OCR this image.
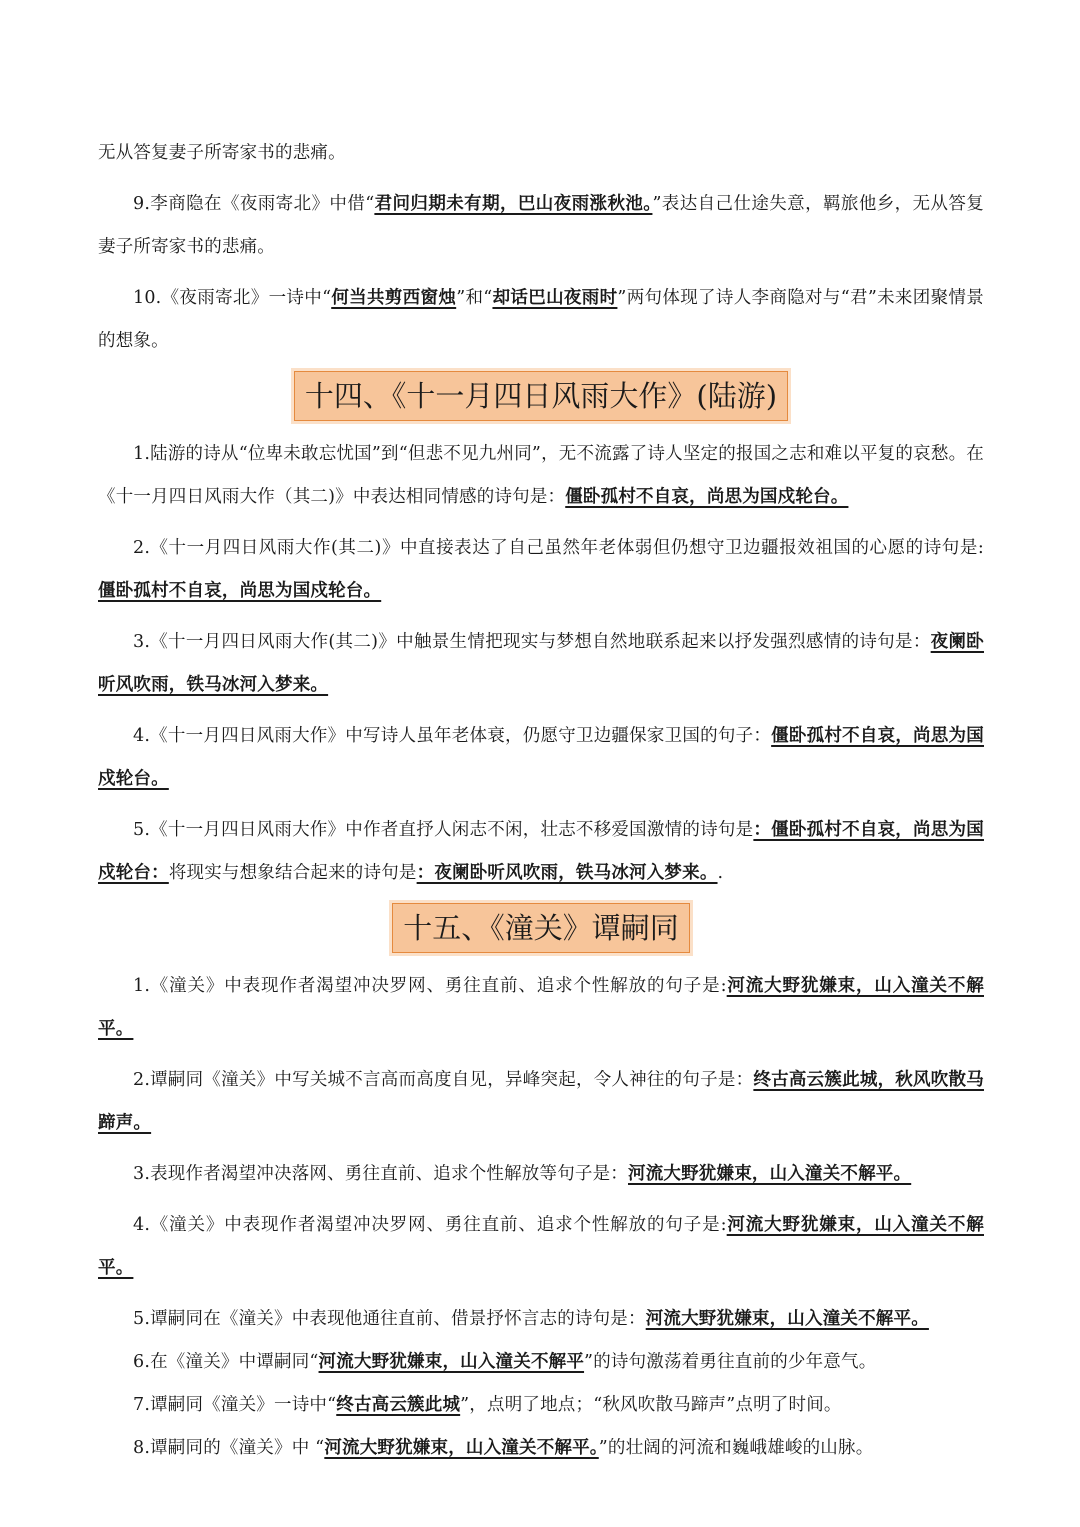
无从答复妻子所寄家书的悲痛。

9.李商隐在《夜雨寄北》中借“君问归期未有期，巴山夜雨涨秋池。”表达自己仕途失意，羁旅他乡，无从答复妻子所寄家书的悲痛。

10.《夜雨寄北》一诗中“何当共剪西窗烛”和“却话巴山夜雨时”两句体现了诗人李商隐对与“君”未来团聚情景的想象。

十四、《十一月四日风雨大作》(陆游)

1.陆游的诗从“位卑未敢忘忧国”到“但悲不见九州同”，无不流露了诗人坚定的报国之志和难以平复的哀愁。在《十一月四日风雨大作（其二)》中表达相同情感的诗句是：僵卧孤村不自哀，尚思为国戍轮台。

2.《十一月四日风雨大作(其二)》中直接表达了自己虽然年老体弱但仍想守卫边疆报效祖国的心愿的诗句是:僵卧孤村不自哀，尚思为国戍轮台。

3.《十一月四日风雨大作(其二)》中触景生情把现实与梦想自然地联系起来以抒发强烈感情的诗句是：夜阑卧听风吹雨，铁马冰河入梦来。

4.《十一月四日风雨大作》中写诗人虽年老体衰，仍愿守卫边疆保家卫国的句子：僵卧孤村不自哀，尚思为国戍轮台。

5.《十一月四日风雨大作》中作者直抒人闲志不闲，壮志不移爱国激情的诗句是：僵卧孤村不自哀，尚思为国戍轮台：将现实与想象结合起来的诗句是：夜阑卧听风吹雨，铁马冰河入梦来。.

十五、《潼关》谭嗣同

1.《潼关》中表现作者渴望冲决罗网、勇往直前、追求个性解放的句子是:河流大野犹嫌束，山入潼关不解平。

2.谭嗣同《潼关》中写关城不言高而高度自见，异峰突起，令人神往的句子是：终古高云簇此城，秋风吹散马蹄声。

3.表现作者渴望冲决落网、勇往直前、追求个性解放等句子是：河流大野犹嫌束，山入潼关不解平。

4.《潼关》中表现作者渴望冲决罗网、勇往直前、追求个性解放的句子是:河流大野犹嫌束，山入潼关不解平。

5.谭嗣同在《潼关》中表现他通往直前、借景抒怀言志的诗句是：河流大野犹嫌束，山入潼关不解平。

6.在《潼关》中谭嗣同“河流大野犹嫌束，山入潼关不解平”的诗句激荡着勇往直前的少年意气。

7.谭嗣同《潼关》一诗中“终古高云簇此城”，点明了地点；“秋风吹散马蹄声”点明了时间。

8.谭嗣同的《潼关》中 “河流大野犹嫌束，山入潼关不解平。”的壮阔的河流和巍峨雄峻的山脉。
